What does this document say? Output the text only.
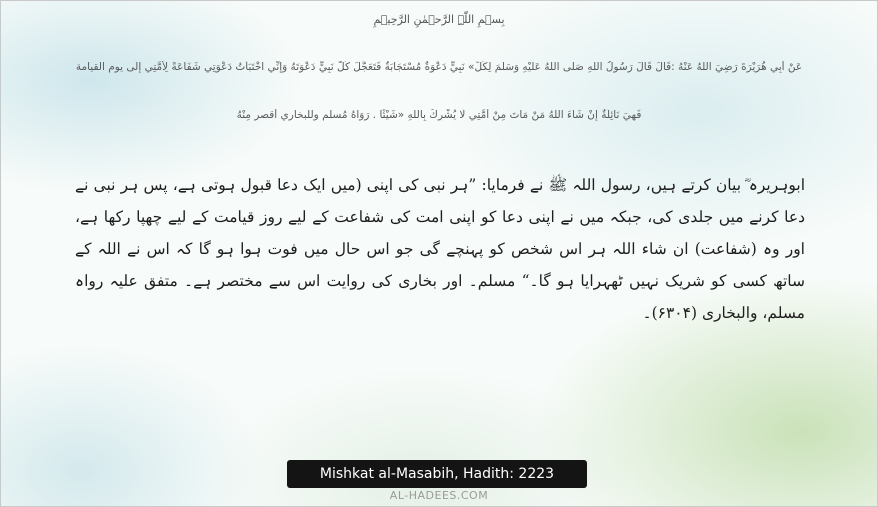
بِسۡمِ اللّٰہِ الرَّحۡمٰنِ الرَّحِیۡمِ
عَنْ أَبِي هُرَيْرَةَ رَضِيَ اللَّهُ عَنْهُ :قَالَ قَالَ رَسُولُ اللَّهِ صَلَّى اللَّهُ عَلَيْهِ وَسَلَّمَ لِكُلِّ» نَبِيٍّ دَعْوَةٌ مُسْتَجَابَةٌ فَتَعَجَّلَ كُلُّ نَبِيٍّ دَعْوَتَهُ وَإِنِّي اخْتَبَأْتُ دَعْوَتِي شَفَاعَةً لِأُمَّتِي إِلَى يوم القيامة
فَهِيَ نَائِلَةٌ إِنْ شَاءَ اللَّهُ مَنْ مَاتَ مِنْ أُمَّتِي لَا يُشْرِكُ بِاللَّهِ «شَيْئًا . رَوَاهُ مُسلم وللبخاري أقصر مِنْهُ
ابوہریرہ ؓ بیان کرتے ہیں، رسول اللہ ﷺ نے فرمایا: ”ہر نبی کی اپنی (میں ایک دعا قبول ہوتی ہے، پس ہر نبی نے دعا کرنے میں جلدی کی، جبکہ میں نے اپنی دعا کو اپنی امت کی شفاعت کے لیے روز قیامت کے لیے چھپا رکھا ہے، اور وہ (شفاعت) ان شاء اللہ ہر اس شخص کو پہنچے گی جو اس حال میں فوت ہوا ہو گا کہ اس نے اللہ کے ساتھ کسی کو شریک نہیں ٹھہرایا ہو گا۔“ مسلم۔ اور بخاری کی روایت اس سے مختصر ہے۔ متفق علیہ رواہ مسلم، والبخاری (۶۳۰۴)۔
Mishkat al-Masabih, Hadith: 2223
AL-HADEES.COM
